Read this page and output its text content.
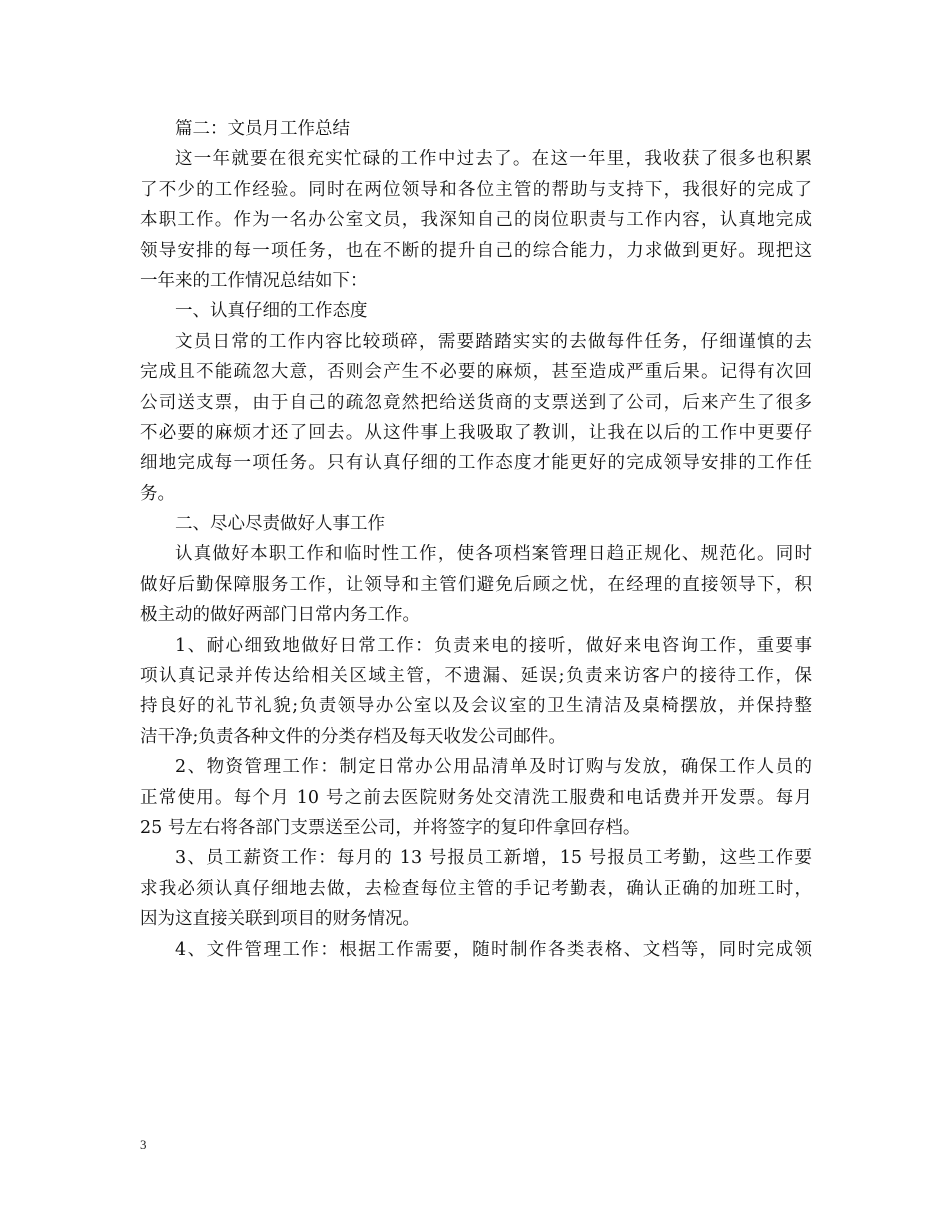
篇二：文员月工作总结
这一年就要在很充实忙碌的工作中过去了。在这一年里，我收获了很多也积累
了不少的工作经验。同时在两位领导和各位主管的帮助与支持下，我很好的完成了
本职工作。作为一名办公室文员，我深知自己的岗位职责与工作内容，认真地完成
领导安排的每一项任务，也在不断的提升自己的综合能力，力求做到更好。现把这
一年来的工作情况总结如下：
一、认真仔细的工作态度
文员日常的工作内容比较琐碎，需要踏踏实实的去做每件任务，仔细谨慎的去
完成且不能疏忽大意，否则会产生不必要的麻烦，甚至造成严重后果。记得有次回
公司送支票，由于自己的疏忽竟然把给送货商的支票送到了公司，后来产生了很多
不必要的麻烦才还了回去。从这件事上我吸取了教训，让我在以后的工作中更要仔
细地完成每一项任务。只有认真仔细的工作态度才能更好的完成领导安排的工作任
务。
二、尽心尽责做好人事工作
认真做好本职工作和临时性工作，使各项档案管理日趋正规化、规范化。同时
做好后勤保障服务工作，让领导和主管们避免后顾之忧，在经理的直接领导下，积
极主动的做好两部门日常内务工作。
1、耐心细致地做好日常工作：负责来电的接听，做好来电咨询工作，重要事
项认真记录并传达给相关区域主管，不遗漏、延误;负责来访客户的接待工作，保
持良好的礼节礼貌;负责领导办公室以及会议室的卫生清洁及桌椅摆放，并保持整
洁干净;负责各种文件的分类存档及每天收发公司邮件。
2、物资管理工作：制定日常办公用品清单及时订购与发放，确保工作人员的
正常使用。每个月 10 号之前去医院财务处交清洗工服费和电话费并开发票。每月
25 号左右将各部门支票送至公司，并将签字的复印件拿回存档。
3、员工薪资工作：每月的 13 号报员工新增，15 号报员工考勤，这些工作要
求我必须认真仔细地去做，去检查每位主管的手记考勤表，确认正确的加班工时，
因为这直接关联到项目的财务情况。
4、文件管理工作：根据工作需要，随时制作各类表格、文档等，同时完成领
3
